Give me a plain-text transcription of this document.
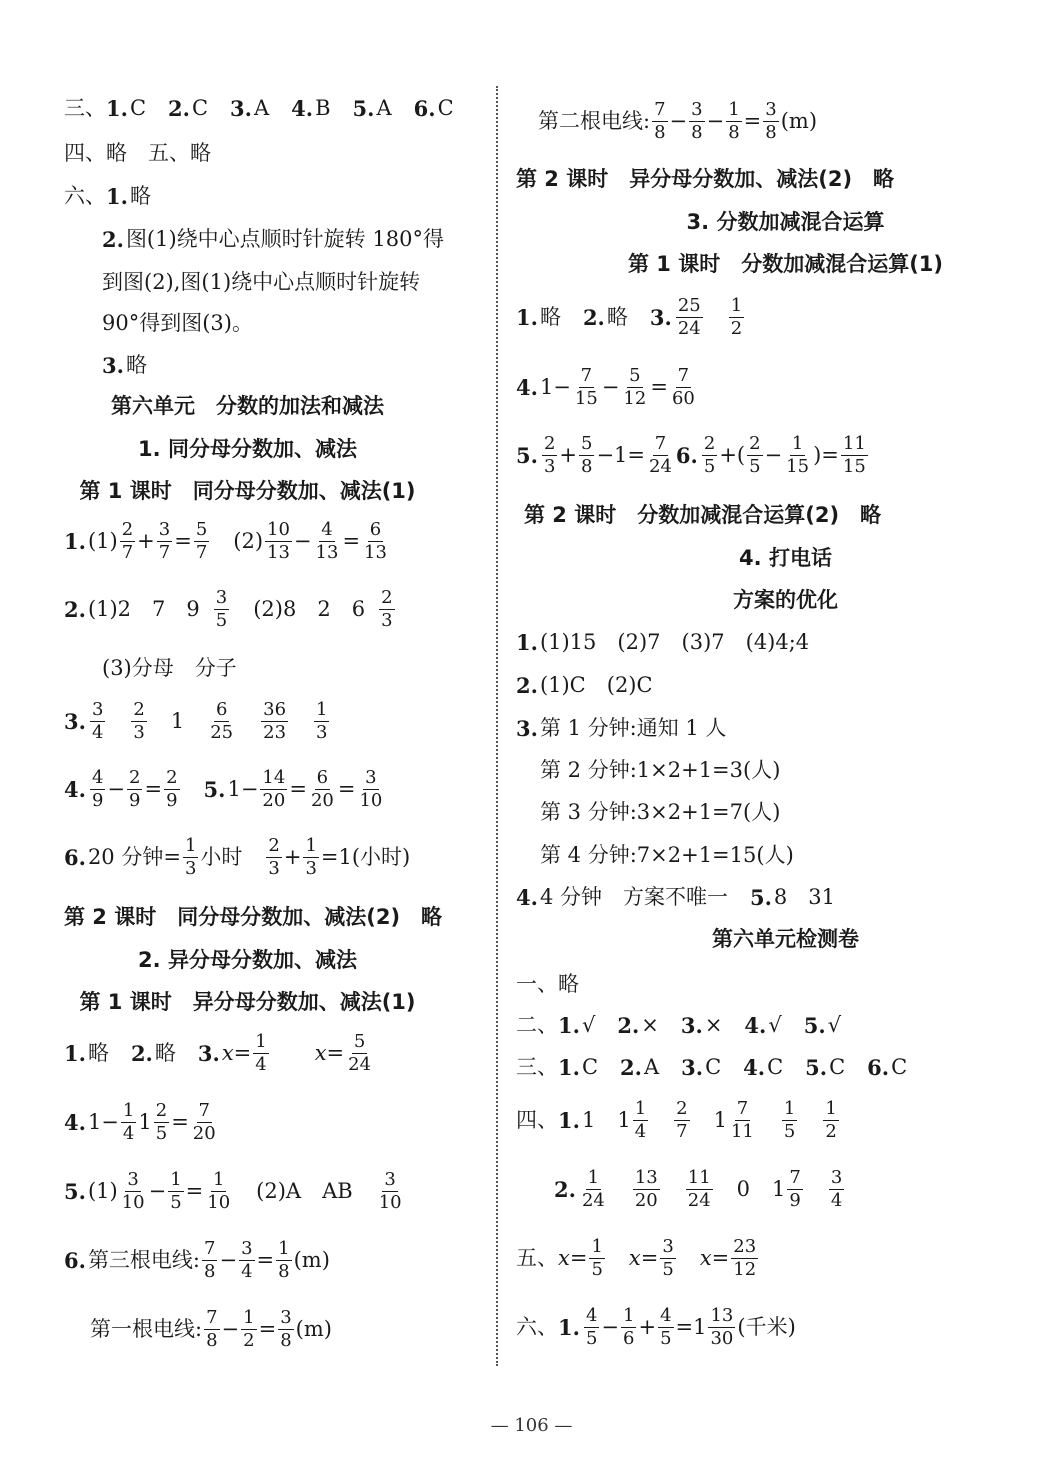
三、 1. C 2. C 3. A 4. B 5. A 6. C
四、略　五、略
六、 1. 略
2. 图(1)绕中心点顺时针旋转 180°得
到图(2),图(1)绕中心点顺时针旋转
90°得到图(3)。
3. 略
第六单元　分数的加法和减法
1. 同分母分数加、减法
第 1 课时　同分母分数加、减法(1)
1. $(1) \frac{2}{7} + \frac{3}{7} = \frac{5}{7} (2) \frac{10}{13} - \frac{4}{13} = \frac{6}{13}$
2. (1)2　7　$9 \frac{3}{5} (2)8$　2　$6 \frac{2}{3}$
(3)分母　分子
3. $\frac{3}{4} \frac{2}{3} 1 \frac{6}{25} \frac{36}{23} \frac{1}{3}$
4. $\frac{4}{9} - \frac{2}{9} = \frac{2}{9} 5$. $1- \frac{14}{20} = \frac{6}{20} = \frac{3}{10}$
6. 20 分钟= $\frac{1}{3}$ 小时 $\frac{2}{3} + \frac{1}{3} =1$(小时)
第 2 课时　同分母分数加、减法(2)　略
2. 异分母分数加、减法
第 1 课时　异分母分数加、减法(1)
1. 略 2. 略 3. $x= \frac{1}{4} x= \frac{5}{24}$
4. $1- \frac{1}{4} 1 \frac{2}{5} = \frac{7}{20}$
5. $(1) \frac{3}{10} - \frac{1}{5} = \frac{1}{10} (2)A$　AB $\frac{3}{10}$
6. 第三根电线: $\frac{7}{8} - \frac{3}{4} = \frac{1}{8} (m)$
第一根电线: $\frac{7}{8} - \frac{1}{2} = \frac{3}{8} (m)$
第二根电线: $\frac{7}{8} - \frac{3}{8} - \frac{1}{8} = \frac{3}{8} (m)$
第 2 课时　异分母分数加、减法(2)　略
3. 分数加减混合运算
第 1 课时　分数加减混合运算(1)
1. 略 2. 略 3. $\frac{25}{24} \frac{1}{2}$
4. $1- \frac{7}{15} - \frac{5}{12} = \frac{7}{60}$
5. $\frac{2}{3} + \frac{5}{8} -1= \frac{7}{24} 6$. $\frac{2}{5}$ +( $\frac{2}{5} - \frac{1}{15}$ )= $\frac{11}{15}$
第 2 课时　分数加减混合运算(2)　略
4. 打电话
方案的优化
1. (1)15　(2)7　(3)7　(4)4;4
2. (1)C　(2)C
3. 第 1 分钟:通知 1 人
第 2 分钟:1×2+1=3(人)
第 3 分钟:3×2+1=7(人)
第 4 分钟:7×2+1=15(人)
4. 4 分钟　方案不唯一 5. 8　31
第六单元检测卷
一、略
二、 1. √ 2. × 3. × 4. √ 5. √
三、 1. C 2. A 3. C 4. C 5. C 6. C
四、 1. 1 $1 \frac{1}{4} \frac{2}{7} 1 \frac{7}{11} \frac{1}{5} \frac{1}{2}$
2. $\frac{1}{24} \frac{13}{20} \frac{11}{24} 0$ $1 \frac{7}{9} \frac{3}{4}$
五、 $x= \frac{1}{5} x= \frac{3}{5} x= \frac{23}{12}$
六、 1. $\frac{4}{5} - \frac{1}{6} + \frac{4}{5} =1 \frac{13}{30}$ (千米)
— 106 —
